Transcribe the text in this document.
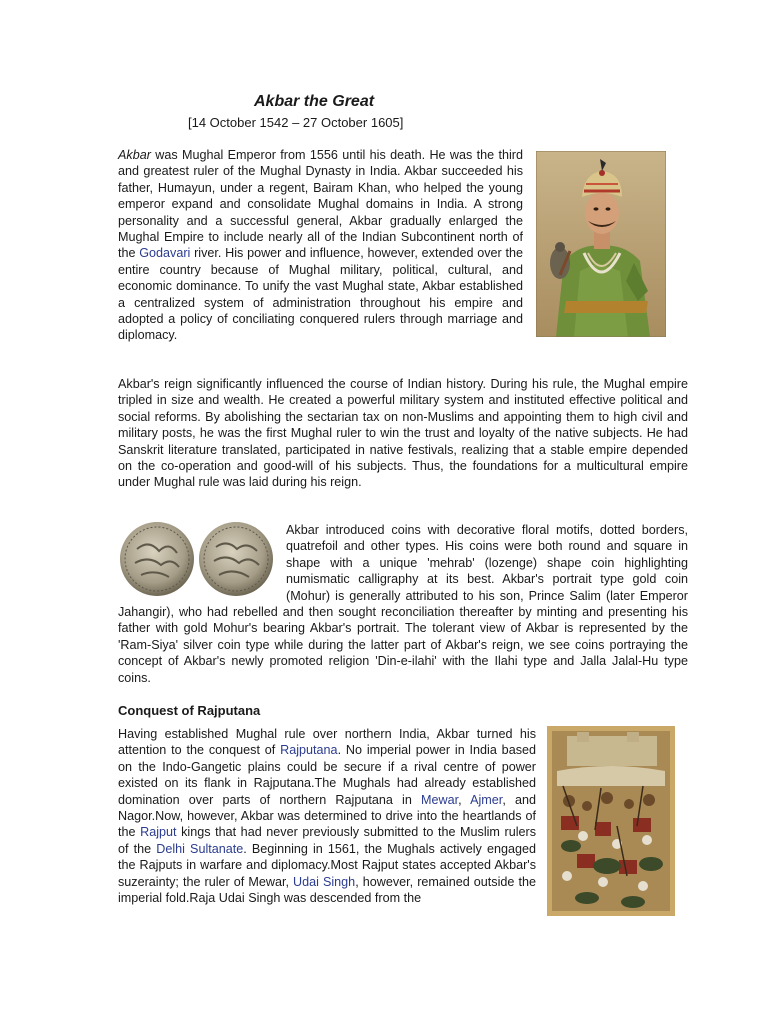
Akbar the Great
[14 October 1542 – 27 October 1605]

Akbar was Mughal Emperor from 1556 until his death. He was the third and greatest ruler of the Mughal Dynasty in India. Akbar succeeded his father, Humayun, under a regent, Bairam Khan, who helped the young emperor expand and consolidate Mughal domains in India. A strong personality and a successful general, Akbar gradually enlarged the Mughal Empire to include nearly all of the Indian Subcontinent north of the Godavari river. His power and influence, however, extended over the entire country because of Mughal military, political, cultural, and economic dominance. To unify the vast Mughal state, Akbar established a centralized system of administration throughout his empire and adopted a policy of conciliating conquered rulers through marriage and diplomacy.

Akbar's reign significantly influenced the course of Indian history. During his rule, the Mughal empire tripled in size and wealth. He created a powerful military system and instituted effective political and social reforms. By abolishing the sectarian tax on non-Muslims and appointing them to high civil and military posts, he was the first Mughal ruler to win the trust and loyalty of the native subjects. He had Sanskrit literature translated, participated in native festivals, realizing that a stable empire depended on the co-operation and good-will of his subjects. Thus, the foundations for a multicultural empire under Mughal rule was laid during his reign.

Akbar introduced coins with decorative floral motifs, dotted borders, quatrefoil and other types. His coins were both round and square in shape with a unique 'mehrab' (lozenge) shape coin highlighting numismatic calligraphy at its best. Akbar's portrait type gold coin (Mohur) is generally attributed to his son, Prince Salim (later Emperor Jahangir), who had rebelled and then sought reconciliation thereafter by minting and presenting his father with gold Mohur's bearing Akbar's portrait. The tolerant view of Akbar is represented by the 'Ram-Siya' silver coin type while during the latter part of Akbar's reign, we see coins portraying the concept of Akbar's newly promoted religion 'Din-e-ilahi' with the Ilahi type and Jalla Jalal-Hu type coins.

Conquest of Rajputana

Having established Mughal rule over northern India, Akbar turned his attention to the conquest of Rajputana. No imperial power in India based on the Indo-Gangetic plains could be secure if a rival centre of power existed on its flank in Rajputana.The Mughals had already established domination over parts of northern Rajputana in Mewar, Ajmer, and Nagor.Now, however, Akbar was determined to drive into the heartlands of the Rajput kings that had never previously submitted to the Muslim rulers of the Delhi Sultanate. Beginning in 1561, the Mughals actively engaged the Rajputs in warfare and diplomacy.Most Rajput states accepted Akbar's suzerainty; the ruler of Mewar, Udai Singh, however, remained outside the imperial fold.Raja Udai Singh was descended from the
